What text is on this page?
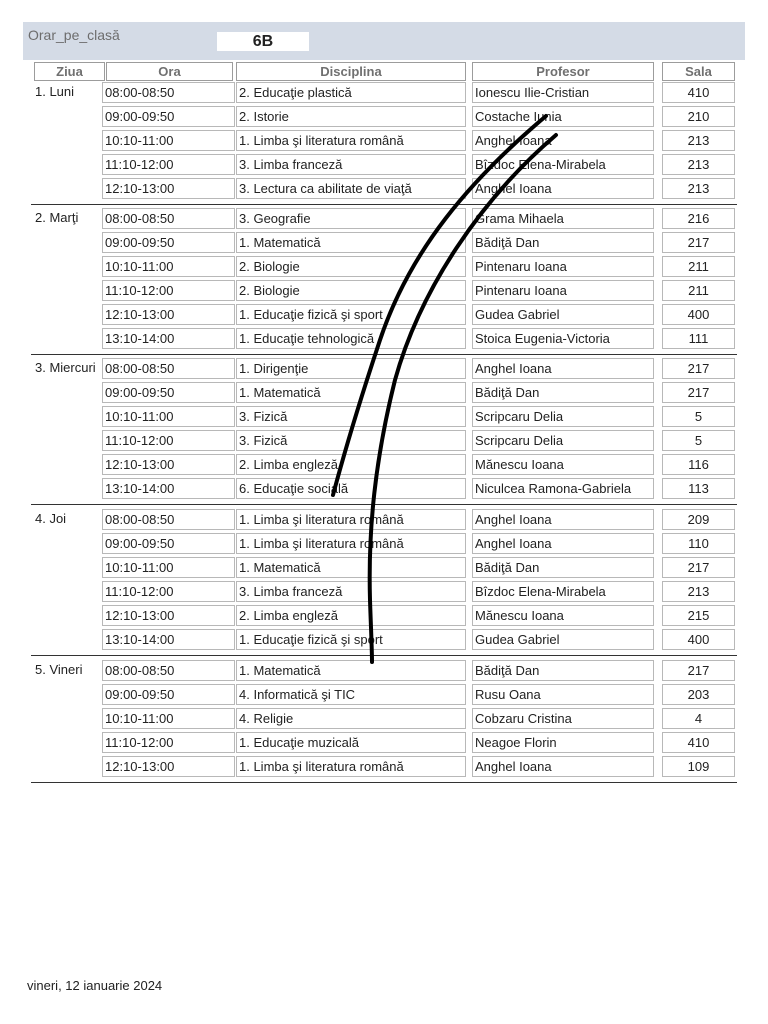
Orar_pe_clasă	6B
Ziua	Ora	Disciplina	Profesor	Sala
1. Luni 08:00-08:50	2. Educaţie plastică	Ionescu Ilie-Cristian	410
09:00-09:50	2. Istorie	Costache Iunia	210
10:10-11:00	1. Limba şi literatura română	Anghel Ioana	213
11:10-12:00	3. Limba franceză	Bîzdoc Elena-Mirabela	213
12:10-13:00	3. Lectura ca abilitate de viaţă	Anghel Ioana	213
2. Marţi 08:00-08:50	3. Geografie	Grama Mihaela	216
09:00-09:50	1. Matematică	Bădiţă Dan	217
10:10-11:00	2. Biologie	Pintenaru Ioana	211
11:10-12:00	2. Biologie	Pintenaru Ioana	211
12:10-13:00	1. Educaţie fizică şi sport	Gudea Gabriel	400
13:10-14:00	1. Educaţie tehnologică	Stoica Eugenia-Victoria	111
3. Miercuri 08:00-08:50	1. Dirigenţie	Anghel Ioana	217
09:00-09:50	1. Matematică	Bădiţă Dan	217
10:10-11:00	3. Fizică	Scripcaru Delia	5
11:10-12:00	3. Fizică	Scripcaru Delia	5
12:10-13:00	2. Limba engleză	Mănescu Ioana	116
13:10-14:00	6. Educaţie socială	Niculcea Ramona-Gabriela	113
4. Joi	08:00-08:50	1. Limba şi literatura română	Anghel Ioana	209
09:00-09:50	1. Limba şi literatura română	Anghel Ioana	110
10:10-11:00	1. Matematică	Bădiţă Dan	217
11:10-12:00	3. Limba franceză	Bîzdoc Elena-Mirabela	213
12:10-13:00	2. Limba engleză	Mănescu Ioana	215
13:10-14:00	1. Educaţie fizică şi sport	Gudea Gabriel	400
5. Vineri 08:00-08:50	1. Matematică	Bădiţă Dan	217
09:00-09:50	4. Informatică şi TIC	Rusu Oana	203
10:10-11:00	4. Religie	Cobzaru Cristina	4
11:10-12:00	1. Educaţie muzicală	Neagoe Florin	410
12:10-13:00	1. Limba şi literatura română	Anghel Ioana	109
vineri, 12 ianuarie 2024
